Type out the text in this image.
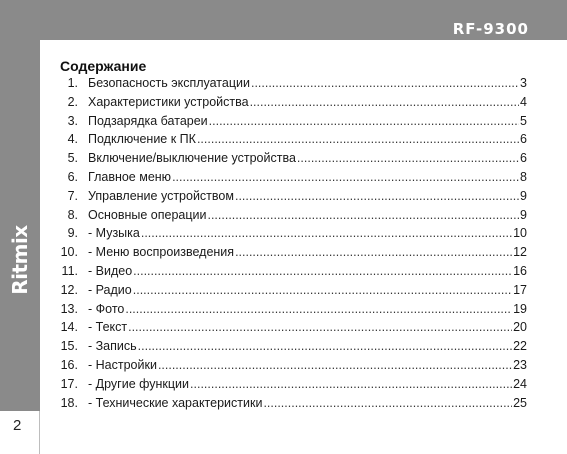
RF-9300
Ritmix
2
Содержание
1. Безопасность эксплуатации .....	3
2. Характеристики устройства .....	4
3. Подзарядка батареи .....	5
4. Подключение к ПК .....	6
5. Включение/выключение устройства .....	6
6. Главное меню .....	8
7. Управление устройством .....	9
8. Основные операции .....	9
9. - Музыка .....	10
10. - Меню воспроизведения .....	12
11. - Видео .....	16
12. - Радио .....	17
13. - Фото .....	19
14. - Текст .....	20
15. - Запись .....	22
16. - Настройки .....	23
17. - Другие функции .....	24
18. - Технические характеристики .....	25
